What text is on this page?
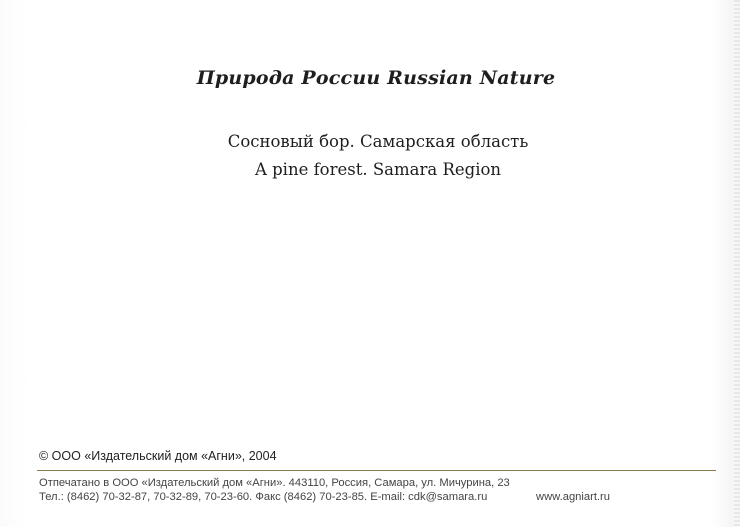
Природа России Russian Nature
Сосновый бор. Самарская область
A pine forest. Samara Region
© ООО «Издательский дом «Агни», 2004
Отпечатано в ООО «Издательский дом «Агни». 443110, Россия, Самара, ул. Мичурина, 23
Тел.: (8462) 70-32-87, 70-32-89, 70-23-60. Факс (8462) 70-23-85. E-mail: cdk@samara.ru	www.agniart.ru
